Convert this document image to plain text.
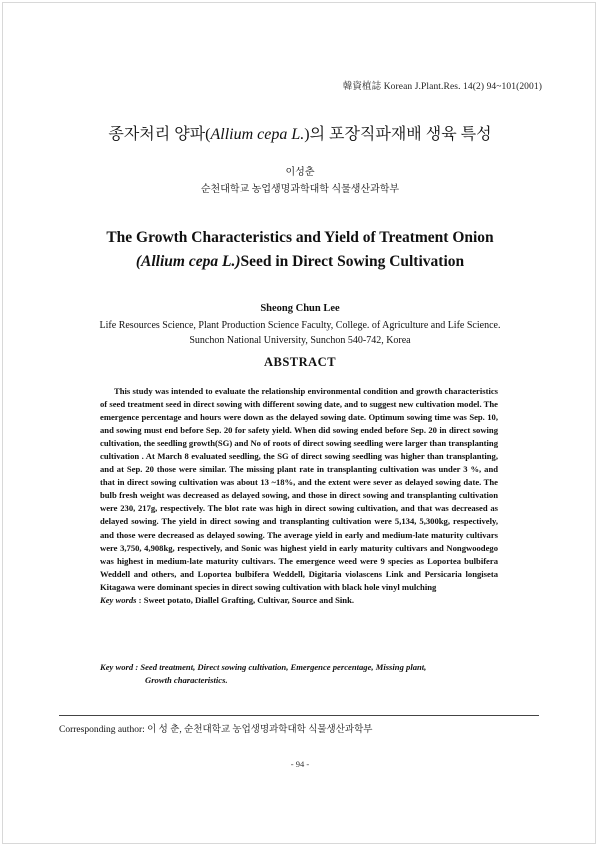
韓資植誌 Korean J.Plant.Res. 14(2) 94~101(2001)
종자처리 양파(Allium cepa L.)의 포장직파재배 생육 특성
이성춘
순천대학교 농업생명과학대학 식물생산과학부
The Growth Characteristics and Yield of Treatment Onion
(Allium cepa L.)Seed in Direct Sowing Cultivation
Sheong Chun Lee
Life Resources Science, Plant Production Science Faculty, College. of Agriculture and Life Science.
Sunchon National University, Sunchon 540-742, Korea
ABSTRACT
This study was intended to evaluate the relationship environmental condition and growth characteristics of seed treatment seed in direct sowing with different sowing date, and to suggest new cultivation model. The emergence percentage and hours were down as the delayed sowing date. Optimum sowing time was Sep. 10, and sowing must end before Sep. 20 for safety yield. When did sowing ended before Sep. 20 in direct sowing cultivation, the seedling growth(SG) and No of roots of direct sowing seedling were larger than transplanting cultivation . At March 8 evaluated seedling, the SG of direct sowing seedling was higher than transplanting, and at Sep. 20 those were similar. The missing plant rate in transplanting cultivation was under 3 %, and that in direct sowing cultivation was about 13 ~18%, and the extent were sever as delayed sowing date. The bulb fresh weight was decreased as delayed sowing, and those in direct sowing and transplanting cultivation were 230, 217g, respectively. The blot rate was high in direct sowing cultivation, and that was decreased as delayed sowing. The yield in direct sowing and transplanting cultivation were 5,134, 5,300kg, respectively, and those were decreased as delayed sowing. The average yield in early and medium-late maturity cultivars were 3,750, 4,908kg, respectively, and Sonic was highest yield in early maturity cultivars and Nongwoodego was highest in medium-late maturity cultivars. The emergence weed were 9 species as Loportea bulbifera Weddell and others, and Loportea bulbifera Weddell, Digitaria violascens Link and Persicaria longiseta Kitagawa were dominant species in direct sowing cultivation with black hole vinyl mulching
Key words : Sweet potato, Diallel Grafting, Cultivar, Source and Sink.
Key word : Seed treatment, Direct sowing cultivation, Emergence percentage, Missing plant,
Growth characteristics.
Corresponding author: 이 성 춘, 순천대학교 농업생명과학대학 식물생산과학부
- 94 -
